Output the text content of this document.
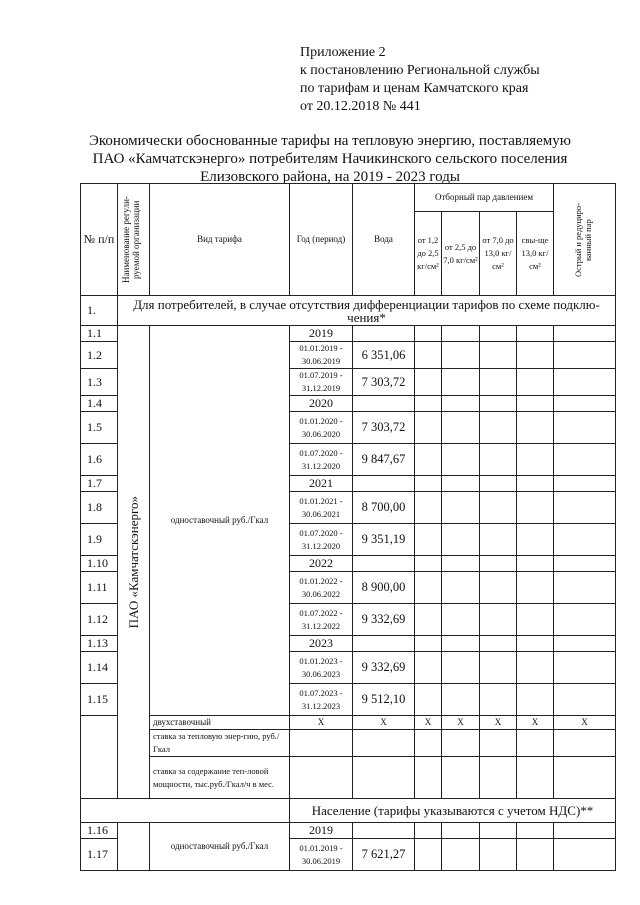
Приложение 2
к постановлению Региональной службы
по тарифам и ценам Камчатского края
от 20.12.2018 № 441
Экономически обоснованные тарифы на тепловую энергию, поставляемую
ПАО «Камчатскэнерго» потребителям Начикинского сельского поселения
Елизовского района, на 2019 - 2023 годы
№ п/п	Наименование регули-руемой организации	Вид тарифа	Год (период)	Вода	Отборный пар давлением				Острый и редуциро-ванный пар

					от 1,2 до 2,5 кг/см²	от 2,5 до 7,0 кг/см²	от 7,0 до 13,0 кг/см²	свы-ще 13,0 кг/см²	
1.	Для потребителей, в случае отсутствия дифференциации тарифов по схеме подклю-чения*								
1.1	ПАО «Камчатскэнерго»	одноставочный руб./Гкал	2019						
1.2			01.01.2019 - 30.06.2019	6 351,06					
1.3			01.07.2019 - 31.12.2019	7 303,72					
1.4			2020						
1.5			01.01.2020 - 30.06.2020	7 303,72					
1.6			01.07.2020 - 31.12.2020	9 847,67					
1.7			2021						
1.8			01.01.2021 - 30.06.2021	8 700,00					
1.9			01.07.2020 - 31.12.2020	9 351,19					
1.10			2022						
1.11			01.01.2022 - 30.06.2022	8 900,00					
1.12			01.07.2022 - 31.12.2022	9 332,69					
1.13			2023						
1.14			01.01.2023 - 30.06.2023	9 332,69					
1.15			01.07.2023 - 31.12.2023	9 512,10					
		двухставочный	Х	Х	Х	Х	Х	Х	Х
		ставка за тепловую энер-гию, руб./Гкал							
		ставка за содержание теп-ловой мощности, тыс.руб./Гкал/ч в мес.							
			Население (тарифы указываются с учетом НДС)**						
1.16		одноставочный руб./Гкал	2019						
1.17			01.01.2019 - 30.06.2019	7 621,27					
